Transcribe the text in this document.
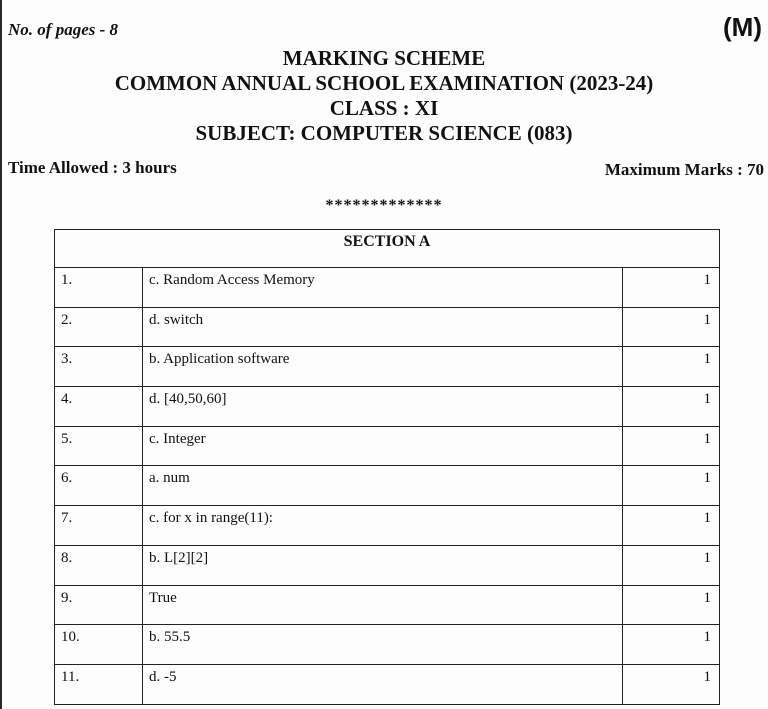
No. of pages - 8	(M)
MARKING SCHEME
COMMON ANNUAL SCHOOL EXAMINATION (2023-24)
CLASS : XI
SUBJECT: COMPUTER SCIENCE (083)
Time Allowed : 3 hours	Maximum Marks : 70
*************
SECTION A
1.	c. Random Access Memory	1
2.	d. switch	1
3.	b. Application software	1
4.	d. [40,50,60]	1
5.	c. Integer	1
6.	a. num	1
7.	c. for x in range(11):	1
8.	b. L[2][2]	1
9.	True	1
10.	b. 55.5	1
11.	d. -5	1
